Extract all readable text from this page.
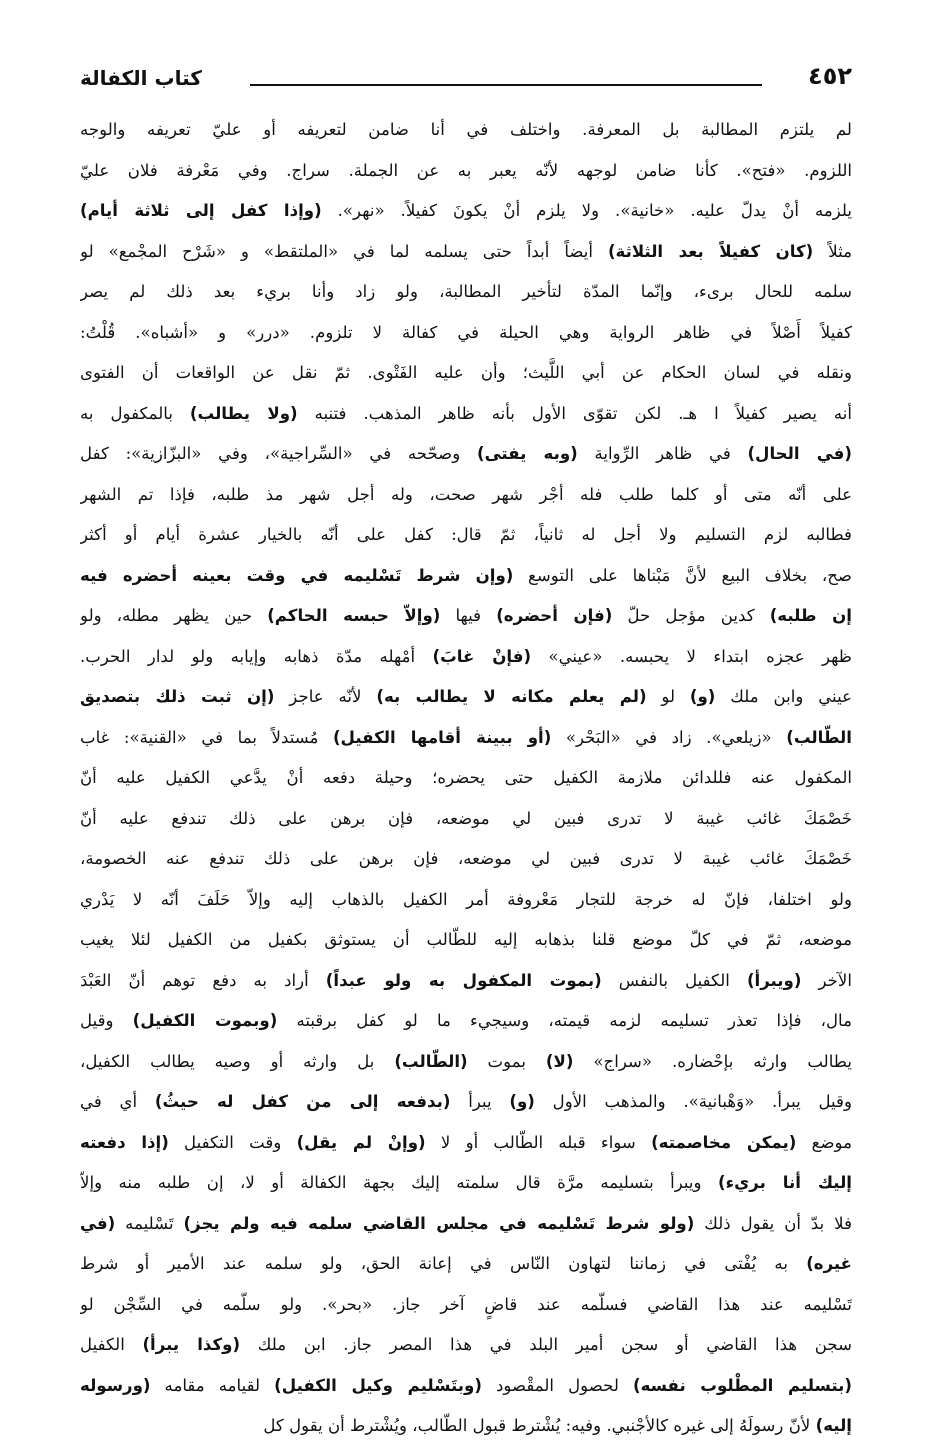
كتاب الكفالة	٤٥٢
لم يلتزم المطالبة بل المعرفة. واختلف في أنا ضامن لتعريفه أو عليّ تعريفه والوجه
اللزوم. «فتح». كأنا ضامن لوجهه لأنّه يعبر به عن الجملة. سراج. وفي مَعْرفة فلان عليّ
يلزمه أنْ يدلّ عليه. «خانية». ولا يلزم أنْ يكونَ كفيلاً. «نهر». (وإذا كفل إلى ثلاثة أيام)
مثلاً (كان كفيلاً بعد الثلاثة) أيضاً أبداً حتى يسلمه لما في «الملتقط» و «شَرْح المجْمع» لو
سلمه للحال برىء، وإنّما المدّة لتأخير المطالبة، ولو زاد وأنا بريء بعد ذلك لم يصر
كفيلاً أَصْلاً في ظاهر الرواية وهي الحيلة في كفالة لا تلزوم. «درر» و «أشباه». قُلْتُ:
ونقله في لسان الحكام عن أبي اللَّيث؛ وأن عليه الفَتْوى. ثمّ نقل عن الواقعات أن الفتوى
أنه يصير كفيلاً ا هـ. لكن تقوّى الأول بأنه ظاهر المذهب. فتنبه (ولا يطالب) بالمكفول به
(في الحال) في ظاهر الرِّواية (وبه يفتى) وصحّحه في «السِّراجية»، وفي «البزّازية»: كفل
على أنّه متى أو كلما طلب فله أجْر شهر صحت، وله أجل شهر مذ طلبه، فإذا تم الشهر
فطالبه لزم التسليم ولا أجل له ثانياً، ثمّ قال: كفل على أنّه بالخيار عشرة أيام أو أكثر
صح، بخلاف البيع لأنَّ مَبْناها على التوسع (وإن شرط تَسْليمه في وقت بعينه أحضره فيه
إن طلبه) كدين مؤجل حلّ (فإن أحضره) فيها (وإلاّ حبسه الحاكم) حين يظهر مطله، ولو
ظهر عجزه ابتداء لا يحبسه. «عيني» (فإنْ غابَ) أمْهله مدّة ذهابه وإيابه ولو لدار الحرب.
عيني وابن ملك (و) لو (لم يعلم مكانه لا يطالب به) لأنّه عاجز (إن ثبت ذلك بتصديق
الطّالب) «زيلعي». زاد في «البَحْر» (أو ببينة أقامها الكفيل) مُستدلاً بما في «القنية»: غاب
المكفول عنه فللدائن ملازمة الكفيل حتى يحضره؛ وحيلة دفعه أنْ يدَّعي الكفيل عليه أنّ
خَصْمَكَ غائب غيبة لا تدرى فبين لي موضعه، فإن برهن على ذلك تندفع عليه أنّ
خَصْمَكَ غائب غيبة لا تدرى فبين لي موضعه، فإن برهن على ذلك تندفع عنه الخصومة،
ولو اختلفا، فإنّ له خرجة للتجار مَعْروفة أمر الكفيل بالذهاب إليه وإلاّ حَلَفَ أنّه لا يَدْري
موضعه، ثمّ في كلّ موضع قلنا بذهابه إليه للطّالب أن يستوثق بكفيل من الكفيل لئلا يغيب
الآخر (ويبرأ) الكفيل بالنفس (بموت المكفول به ولو عبداً) أراد به دفع توهم أنّ العَبْدَ
مال، فإذا تعذر تسليمه لزمه قيمته، وسيجيء ما لو كفل برقبته (وبموت الكفيل) وقيل
يطالب وارثه بإحْضاره. «سراج» (لا) بموت (الطّالب) بل وارثه أو وصيه يطالب الكفيل،
وقيل يبرأ. «وَهْبانية». والمذهب الأول (و) يبرأ (بدفعه إلى من كفل له حيثُ) أي في
موضع (يمكن مخاصمته) سواء قبله الطّالب أو لا (وإنْ لم يقل) وقت التكفيل (إذا دفعته
إليك أنا بريء) ويبرأ بتسليمه مرَّة قال سلمته إليك بجهة الكفالة أو لا، إن طلبه منه وإلاّ
فلا بدّ أن يقول ذلك (ولو شرط تَسْليمه في مجلس القاضي سلمه فيه ولم يجز) تَسْليمه (في
غيره) به يُفْتى في زماننا لتهاون النّاس في إعانة الحق، ولو سلمه عند الأمير أو شرط
تَسْليمه عند هذا القاضي فسلّمه عند قاضٍ آخر جاز. «بحر». ولو سلّمه في السِّجْن لو
سجن هذا القاضي أو سجن أمير البلد في هذا المصر جاز. ابن ملك (وكذا يبرأ) الكفيل
(بتسليم المطْلوب نفسه) لحصول المقْصود (وبتَسْليم وكيل الكفيل) لقيامه مقامه (ورسوله
إليه) لأنّ رسولَهُ إلى غيره كالأجْنبي. وفيه: يُشْترط قبول الطّالب، ويُشْترط أن يقول كل
